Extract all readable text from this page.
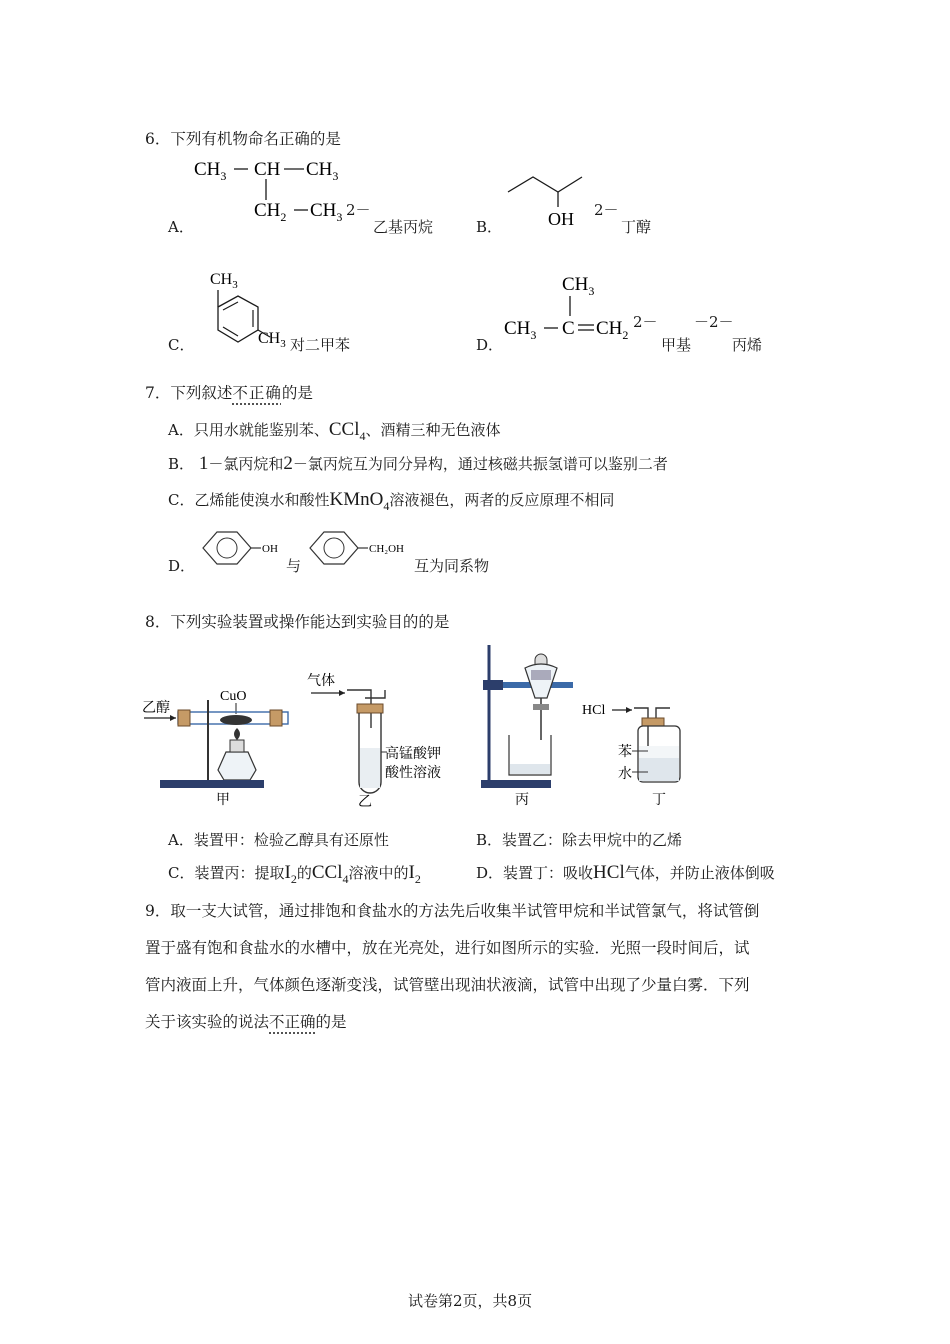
6．下列有机物命名正确的是
A．
$CH_3$ CH $CH_3$
$CH_2$ $CH_3$ 2－
乙基丙烷	B．	OH 2－
丁醇
C．
$CH_3$
$CH_3$ 对二甲苯	D．
$CH_3$
$CH_3$ C $CH_2$
2－
甲基
－2－
丙烯
7．下列叙述不正确的是
A．只用水就能鉴别苯、CCl$_4$、酒精三种无色液体
B． 1－氯丙烷和2－氯丙烷互为同分异构，通过核磁共振氢谱可以鉴别二者
C．乙烯能使溴水和酸性KMnO$_4$溶液褪色，两者的反应原理不相同
D．
OH
与
CH₂OH
互为同系物
8．下列实验装置或操作能达到实验目的的是
乙醇
CuO
甲
气体
高锰酸钾
酸性溶液
乙	丙
HCl
苯
水
丁
A．装置甲：检验乙醇具有还原性	B．装置乙：除去甲烷中的乙烯
C．装置丙：提取$I_2$的CCl$_4$溶液中的$I_2$	D．装置丁：吸收HCl气体，并防止液体倒吸
9．取一支大试管，通过排饱和食盐水的方法先后收集半试管甲烷和半试管氯气，将试管倒
置于盛有饱和食盐水的水槽中，放在光亮处，进行如图所示的实验．光照一段时间后，试
管内液面上升，气体颜色逐渐变浅，试管壁出现油状液滴，试管中出现了少量白雾．下列
关于该实验的说法不正确的是
试卷第2页，共8页
